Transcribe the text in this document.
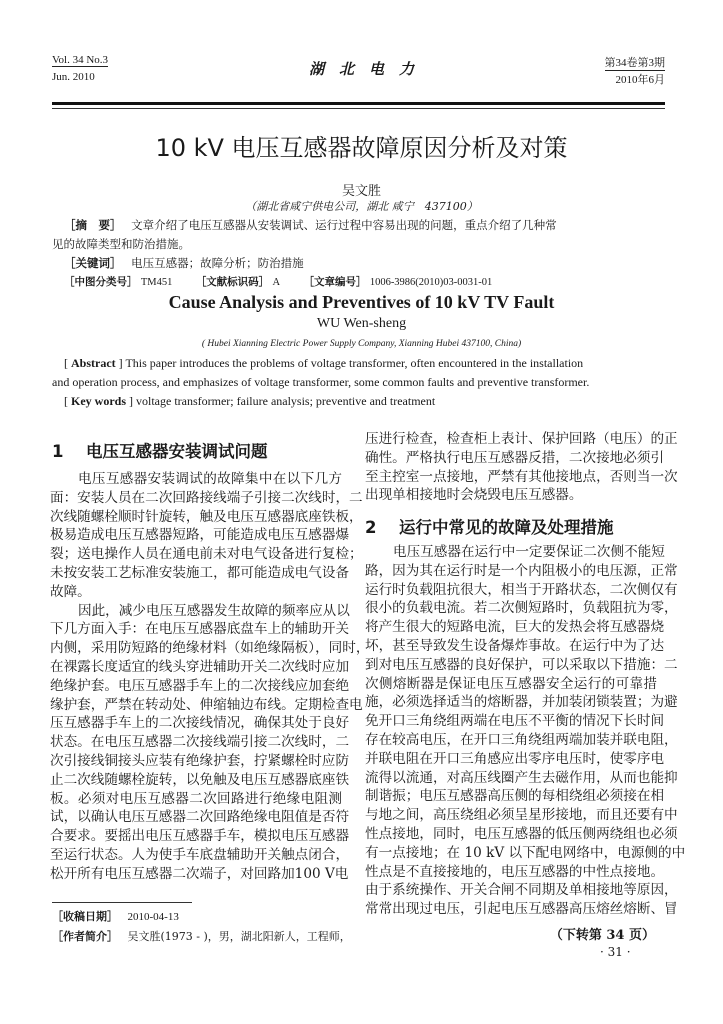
Vol. 34 No.3
Jun. 2010	湖　北　电　力	第34卷第3期
2010年6月
10 kV 电压互感器故障原因分析及对策
吴文胜
（湖北省咸宁供电公司，湖北 咸宁　437100）
［摘　要］ 文章介绍了电压互感器从安装调试、运行过程中容易出现的问题，重点介绍了几种常
见的故障类型和防治措施。
［关键词］ 电压互感器；故障分析；防治措施
［中图分类号］ TM451 ［文献标识码］ A ［文章编号］ 1006-3986(2010)03-0031-01
Cause Analysis and Preventives of 10 kV TV Fault
WU Wen-sheng
( Hubei Xianning Electric Power Supply Company, Xianning Hubei 437100, China)
[ Abstract ] This paper introduces the problems of voltage transformer, often encountered in the installation
and operation process, and emphasizes of voltage transformer, some common faults and preventive transformer.
[ Key words ] voltage transformer; failure analysis; preventive and treatment
1 电压互感器安装调试问题
电压互感器安装调试的故障集中在以下几方
面：安装人员在二次回路接线端子引接二次线时，二
次线随螺栓顺时针旋转，触及电压互感器底座铁板，
极易造成电压互感器短路，可能造成电压互感器爆
裂；送电操作人员在通电前未对电气设备进行复检；
未按安装工艺标准安装施工，都可能造成电气设备
故障。
因此，减少电压互感器发生故障的频率应从以
下几方面入手：在电压互感器底盘车上的辅助开关
内侧，采用防短路的绝缘材料（如绝缘隔板），同时，
在裸露长度适宜的线头穿进辅助开关二次线时应加
绝缘护套。电压互感器手车上的二次接线应加套绝
缘护套，严禁在转动处、伸缩轴边布线。定期检查电
压互感器手车上的二次接线情况，确保其处于良好
状态。在电压互感器二次接线端引接二次线时，二
次引接线铜接头应装有绝缘护套，拧紧螺栓时应防
止二次线随螺栓旋转，以免触及电压互感器底座铁
板。必须对电压互感器二次回路进行绝缘电阻测
试，以确认电压互感器二次回路绝缘电阻值是否符
合要求。要摇出电压互感器手车，模拟电压互感器
至运行状态。人为使手车底盘辅助开关触点闭合，
松开所有电压互感器二次端子，对回路加100 V电
［收稿日期］ 2010-04-13
［作者简介］ 吴文胜(1973 - )，男，湖北阳新人，工程师，
压进行检查，检查柜上表计、保护回路（电压）的正
确性。严格执行电压互感器反措，二次接地必须引
至主控室一点接地，严禁有其他接地点，否则当一次
出现单相接地时会烧毁电压互感器。
2 运行中常见的故障及处理措施
电压互感器在运行中一定要保证二次侧不能短
路，因为其在运行时是一个内阻极小的电压源，正常
运行时负载阻抗很大，相当于开路状态，二次侧仅有
很小的负载电流。若二次侧短路时，负载阻抗为零，
将产生很大的短路电流，巨大的发热会将互感器烧
坏，甚至导致发生设备爆炸事故。在运行中为了达
到对电压互感器的良好保护，可以采取以下措施：二
次侧熔断器是保证电压互感器安全运行的可靠措
施，必须选择适当的熔断器，并加装闭锁装置；为避
免开口三角绕组两端在电压不平衡的情况下长时间
存在较高电压，在开口三角绕组两端加装并联电阻，
并联电阻在开口三角感应出零序电压时，使零序电
流得以流通，对高压线圈产生去磁作用，从而也能抑
制谐振；电压互感器高压侧的每相绕组必须接在相
与地之间，高压绕组必须呈星形接地，而且还要有中
性点接地，同时，电压互感器的低压侧两绕组也必须
有一点接地；在 10 kV 以下配电网络中，电源侧的中
性点是不直接接地的，电压互感器的中性点接地。
由于系统操作、开关合闸不同期及单相接地等原因，
常常出现过电压，引起电压互感器高压熔丝熔断、冒
（下转第 34 页）
· 31 ·
